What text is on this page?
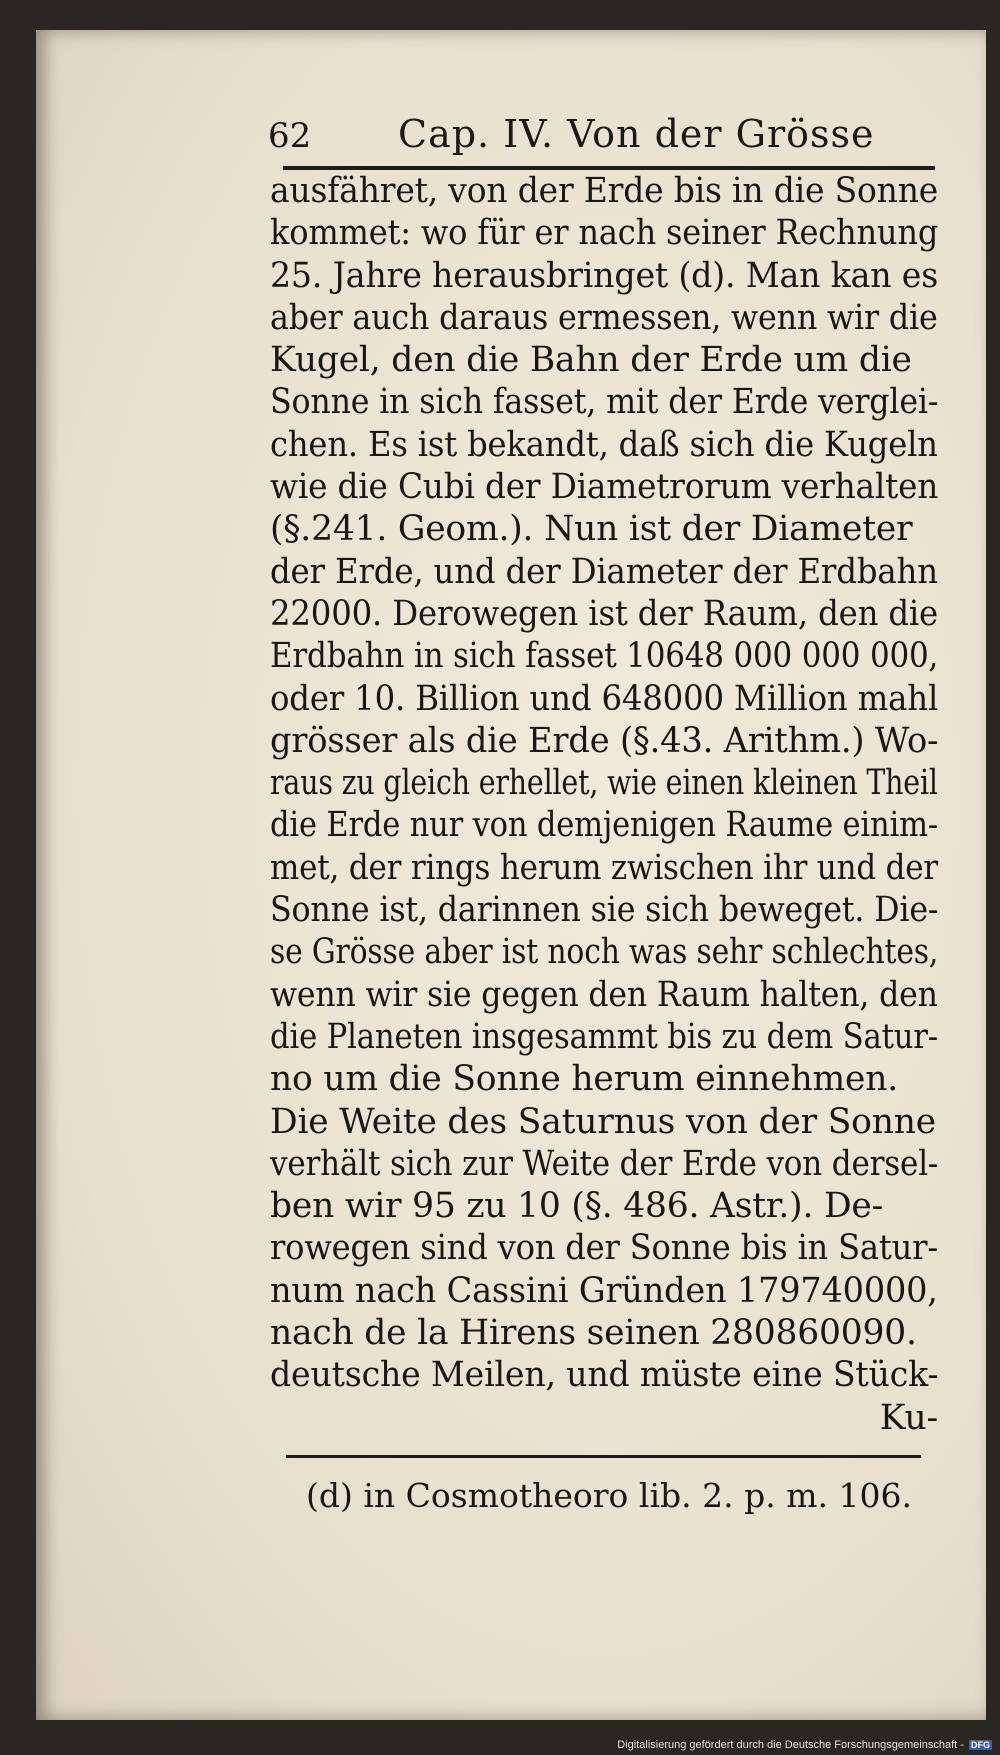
62 Cap. IV. Von der Grösse
ausfähret, von der Erde bis in die Sonne
kommet: wo für er nach seiner Rechnung
25. Jahre herausbringet (d). Man kan es
aber auch daraus ermessen, wenn wir die
Kugel, den die Bahn der Erde um die
Sonne in sich fasset, mit der Erde verglei-
chen. Es ist bekandt, daß sich die Kugeln
wie die Cubi der Diametrorum verhalten
(§.241. Geom.). Nun ist der Diameter
der Erde, und der Diameter der Erdbahn
22000. Derowegen ist der Raum, den die
Erdbahn in sich fasset 10648 000 000 000,
oder 10. Billion und 648000 Million mahl
grösser als die Erde (§.43. Arithm.) Wo-
raus zu gleich erhellet, wie einen kleinen Theil
die Erde nur von demjenigen Raume einim-
met, der rings herum zwischen ihr und der
Sonne ist, darinnen sie sich beweget. Die-
se Grösse aber ist noch was sehr schlechtes,
wenn wir sie gegen den Raum halten, den
die Planeten insgesammt bis zu dem Satur-
no um die Sonne herum einnehmen.
Die Weite des Saturnus von der Sonne
verhält sich zur Weite der Erde von dersel-
ben wir 95 zu 10 (§. 486. Astr.). De-
rowegen sind von der Sonne bis in Satur-
num nach Cassini Gründen 179740000,
nach de la Hirens seinen 280860090.
deutsche Meilen, und müste eine Stück-
Ku-
(d) in Cosmotheoro lib. 2. p. m. 106.
Digitalisierung gefördert durch die Deutsche Forschungsgemeinschaft - DFG
